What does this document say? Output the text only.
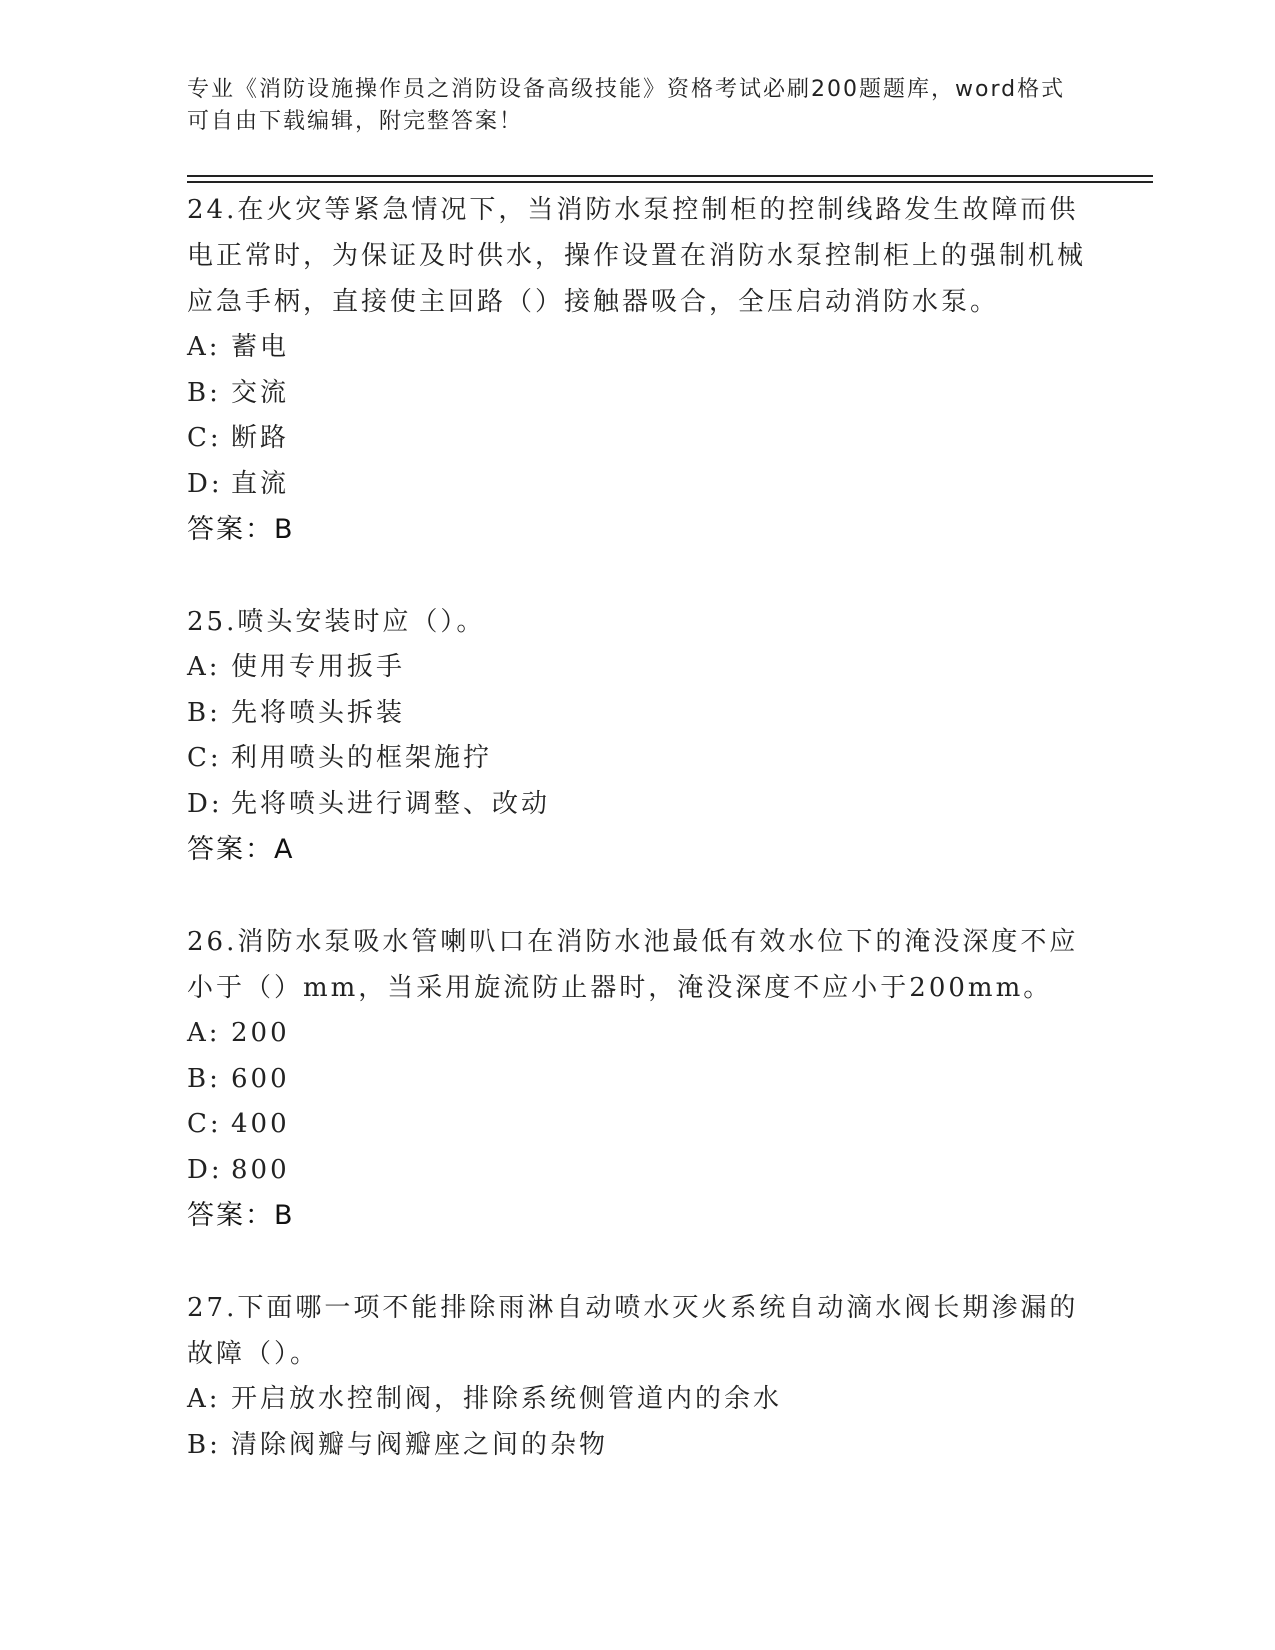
专业《消防设施操作员之消防设备高级技能》资格考试必刷200题题库，word格式可自由下载编辑，附完整答案！

24.在火灾等紧急情况下，当消防水泵控制柜的控制线路发生故障而供电正常时，为保证及时供水，操作设置在消防水泵控制柜上的强制机械应急手柄，直接使主回路（）接触器吸合，全压启动消防水泵。

A: 蓄电

B: 交流

C: 断路

D: 直流

答案：B

25.喷头安装时应（）。

A: 使用专用扳手

B: 先将喷头拆装

C: 利用喷头的框架施拧

D: 先将喷头进行调整、改动

答案：A

26.消防水泵吸水管喇叭口在消防水池最低有效水位下的淹没深度不应小于（）mm，当采用旋流防止器时，淹没深度不应小于200mm。

A: 200

B: 600

C: 400

D: 800

答案：B

27.下面哪一项不能排除雨淋自动喷水灭火系统自动滴水阀长期渗漏的故障（）。

A: 开启放水控制阀，排除系统侧管道内的余水

B: 清除阀瓣与阀瓣座之间的杂物
